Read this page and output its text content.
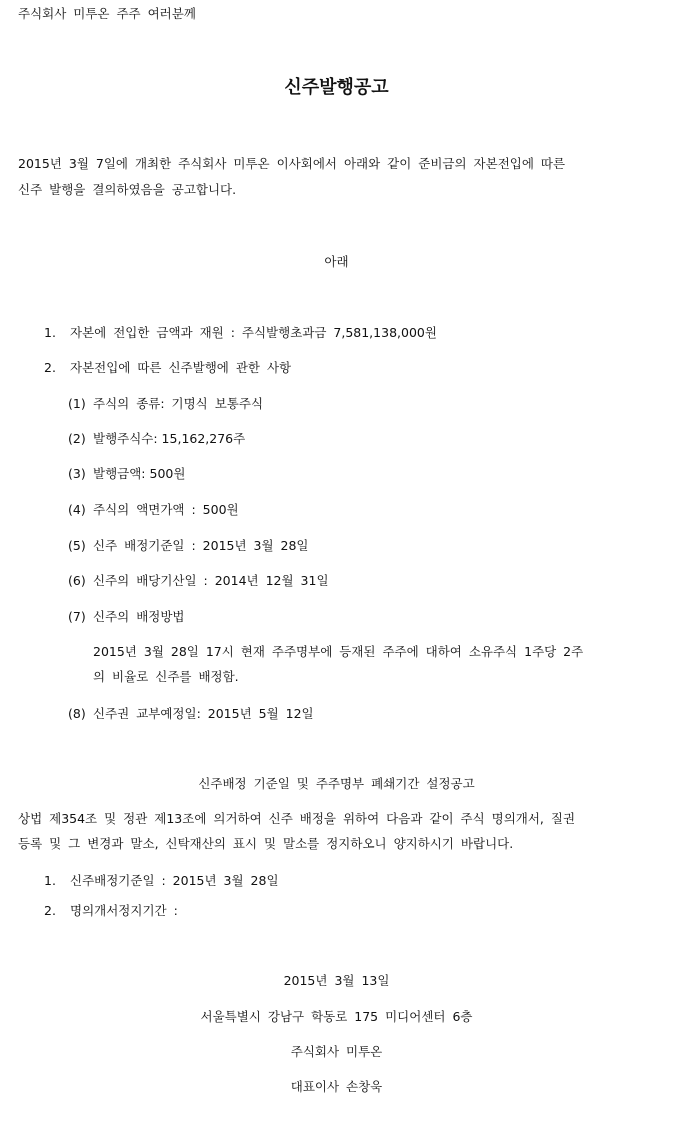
주식회사 미투온 주주 여러분께
신주발행공고
2015년 3월 7일에 개최한 주식회사 미투온 이사회에서 아래와 같이 준비금의 자본전입에 따른
신주 발행을 결의하였음을 공고합니다.
아래
1. 자본에 전입한 금액과 재원 : 주식발행초과금 7,581,138,000원
2. 자본전입에 따른 신주발행에 관한 사항
(1) 주식의 종류: 기명식 보통주식
(2) 발행주식수: 15,162,276주
(3) 발행금액: 500원
(4) 주식의 액면가액 : 500원
(5) 신주 배정기준일 : 2015년 3월 28일
(6) 신주의 배당기산일 : 2014년 12월 31일
(7) 신주의 배정방법
2015년 3월 28일 17시 현재 주주명부에 등재된 주주에 대하여 소유주식 1주당 2주
의 비율로 신주를 배정함.
(8) 신주권 교부예정일: 2015년 5월 12일
신주배정 기준일 및 주주명부 폐쇄기간 설정공고
상법 제354조 및 정관 제13조에 의거하여 신주 배정을 위하여 다음과 같이 주식 명의개서, 질권
등록 및 그 변경과 말소, 신탁재산의 표시 및 말소를 정지하오니 양지하시기 바랍니다.
1. 신주배정기준일 : 2015년 3월 28일
2. 명의개서정지기간 :
2015년 3월 13일
서울특별시 강남구 학동로 175 미디어센터 6층
주식회사 미투온
대표이사 손창욱
